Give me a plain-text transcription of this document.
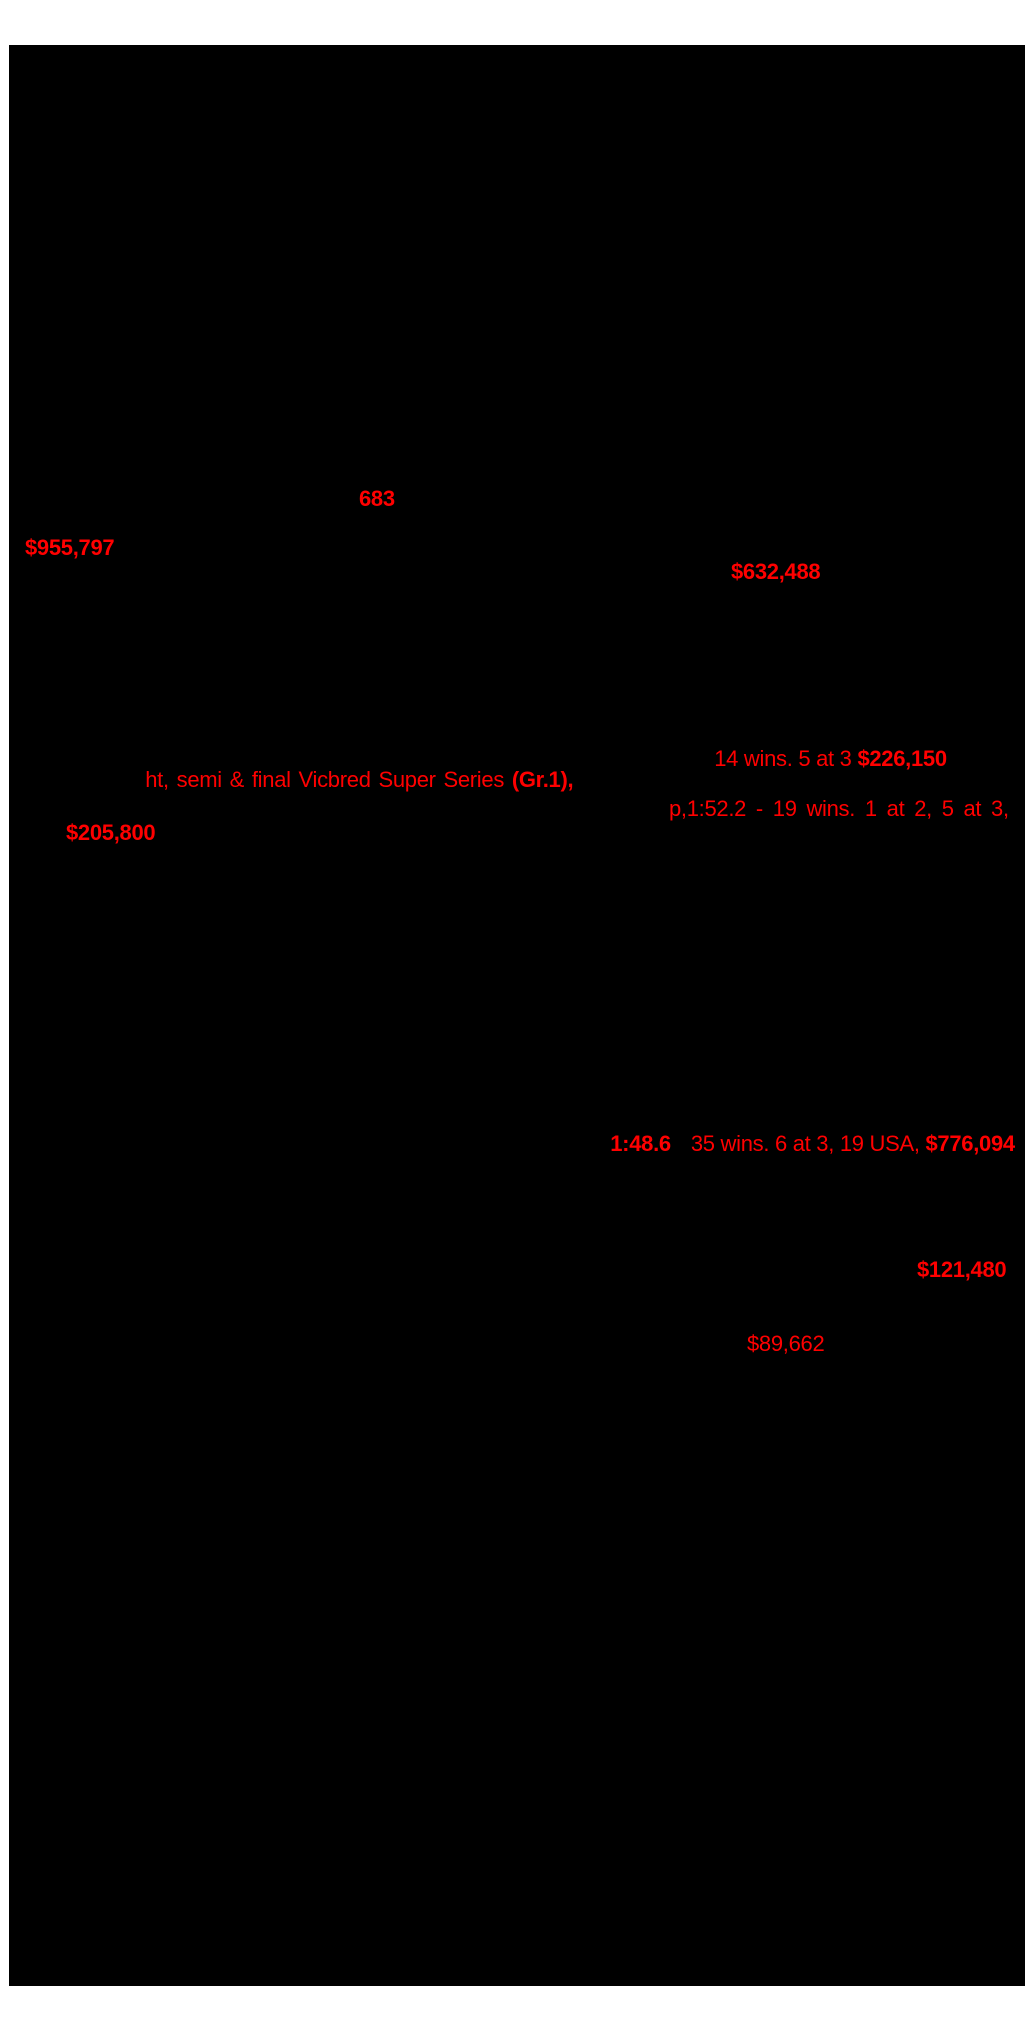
683
$955,797
$632,488

14 wins. 5 at 3 $226,150

ht, semi & final Vicbred Super Series (Gr.1),

p,1:52.2 - 19 wins. 1 at 2, 5 at 3,
$205,800

1:48.6 35 wins. 6 at 3, 19 USA, $776,094

$121,480
$89,662
